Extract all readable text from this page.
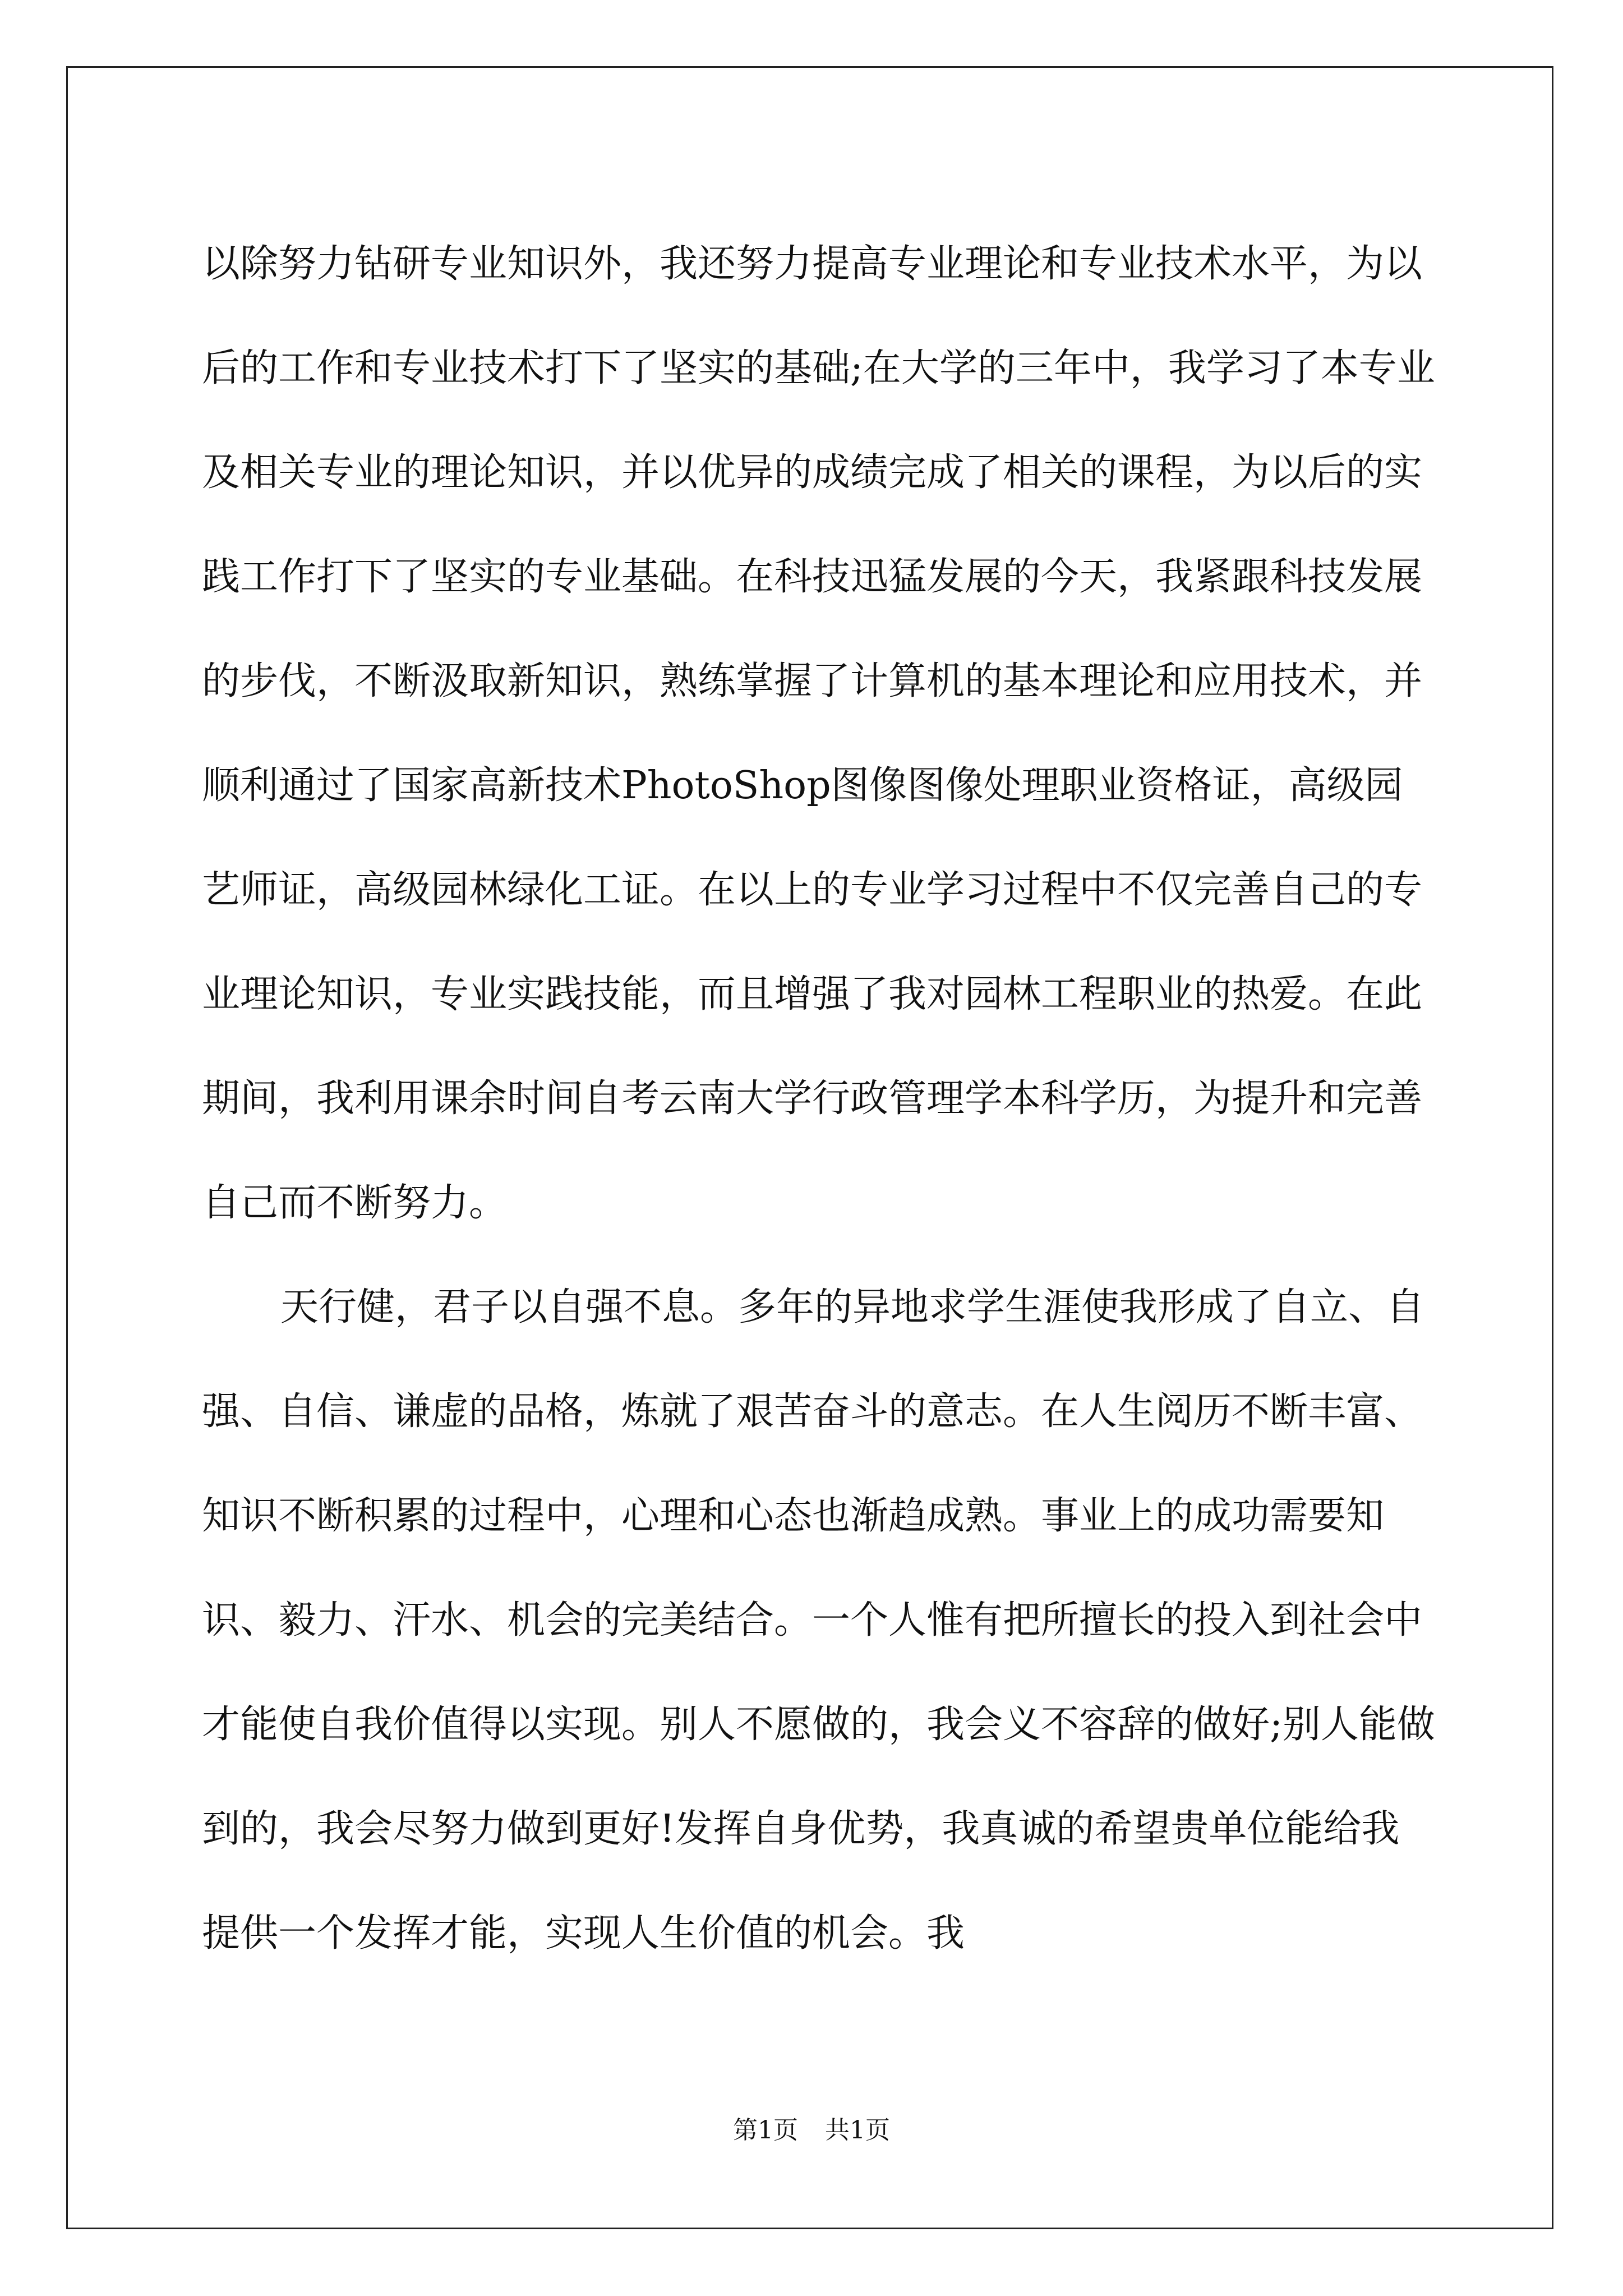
以除努力钻研专业知识外，我还努力提高专业理论和专业技术水平，为以后的工作和专业技术打下了坚实的基础;在大学的三年中，我学习了本专业及相关专业的理论知识，并以优异的成绩完成了相关的课程，为以后的实践工作打下了坚实的专业基础。在科技迅猛发展的今天，我紧跟科技发展的步伐，不断汲取新知识，熟练掌握了计算机的基本理论和应用技术，并顺利通过了国家高新技术PhotoShop图像图像处理职业资格证，高级园艺师证，高级园林绿化工证。在以上的专业学习过程中不仅完善自己的专业理论知识，专业实践技能，而且增强了我对园林工程职业的热爱。在此期间，我利用课余时间自考云南大学行政管理学本科学历，为提升和完善自己而不断努力。

天行健，君子以自强不息。多年的异地求学生涯使我形成了自立、自强、自信、谦虚的品格，炼就了艰苦奋斗的意志。在人生阅历不断丰富、知识不断积累的过程中，心理和心态也渐趋成熟。事业上的成功需要知识、毅力、汗水、机会的完美结合。一个人惟有把所擅长的投入到社会中才能使自我价值得以实现。别人不愿做的，我会义不容辞的做好;别人能做到的，我会尽努力做到更好!发挥自身优势，我真诚的希望贵单位能给我提供一个发挥才能，实现人生价值的机会。我

第1页 共1页
